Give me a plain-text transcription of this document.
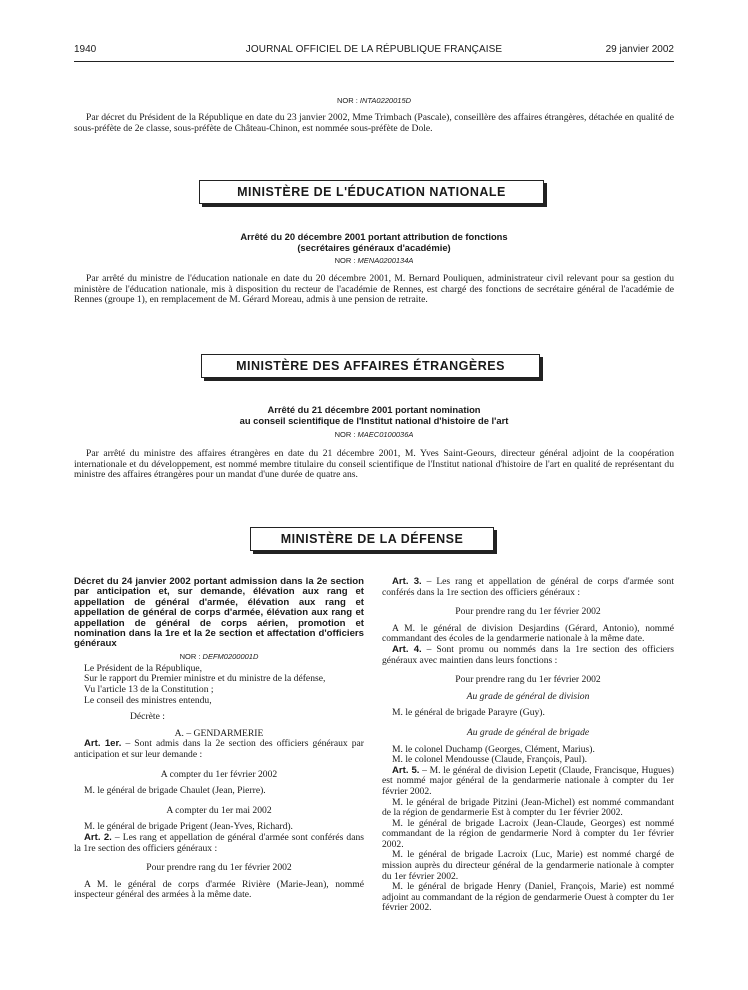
1940	JOURNAL OFFICIEL DE LA RÉPUBLIQUE FRANÇAISE	29 janvier 2002
NOR : INTA0220015D
Par décret du Président de la République en date du 23 janvier 2002, Mme Trimbach (Pascale), conseillère des affaires étrangères, détachée en qualité de sous-préfète de 2e classe, sous-préfète de Château-Chinon, est nommée sous-préfète de Dole.
MINISTÈRE DE L'ÉDUCATION NATIONALE
Arrêté du 20 décembre 2001 portant attribution de fonctions
(secrétaires généraux d'académie)
NOR : MENA0200134A
Par arrêté du ministre de l'éducation nationale en date du 20 décembre 2001, M. Bernard Pouliquen, administrateur civil relevant pour sa gestion du ministère de l'éducation nationale, mis à disposition du recteur de l'académie de Rennes, est chargé des fonctions de secrétaire général de l'académie de Rennes (groupe 1), en remplacement de M. Gérard Moreau, admis à une pension de retraite.
MINISTÈRE DES AFFAIRES ÉTRANGÈRES
Arrêté du 21 décembre 2001 portant nomination
au conseil scientifique de l'Institut national d'histoire de l'art
NOR : MAEC0100036A
Par arrêté du ministre des affaires étrangères en date du 21 décembre 2001, M. Yves Saint-Geours, directeur général adjoint de la coopération internationale et du développement, est nommé membre titulaire du conseil scientifique de l'Institut national d'histoire de l'art en qualité de représentant du ministre des affaires étrangères pour un mandat d'une durée de quatre ans.
MINISTÈRE DE LA DÉFENSE
Décret du 24 janvier 2002 portant admission dans la 2e section par anticipation et, sur demande, élévation aux rang et appellation de général d'armée, élévation aux rang et appellation de général de corps d'armée, élévation aux rang et appellation de général de corps aérien, promotion et nomination dans la 1re et la 2e section et affectation d'officiers généraux
NOR : DEFM0200001D
Le Président de la République,
Sur le rapport du Premier ministre et du ministre de la défense,
Vu l'article 13 de la Constitution ;
Le conseil des ministres entendu,
Décrète :
A. – GENDARMERIE
Art. 1er. – Sont admis dans la 2e section des officiers généraux par anticipation et sur leur demande :
A compter du 1er février 2002
M. le général de brigade Chaulet (Jean, Pierre).
A compter du 1er mai 2002
M. le général de brigade Prigent (Jean-Yves, Richard).
Art. 2. – Les rang et appellation de général d'armée sont conférés dans la 1re section des officiers généraux :
Pour prendre rang du 1er février 2002
A M. le général de corps d'armée Rivière (Marie-Jean), nommé inspecteur général des armées à la même date.
Art. 3. – Les rang et appellation de général de corps d'armée sont conférés dans la 1re section des officiers généraux :
Pour prendre rang du 1er février 2002
A M. le général de division Desjardins (Gérard, Antonio), nommé commandant des écoles de la gendarmerie nationale à la même date.
Art. 4. – Sont promu ou nommés dans la 1re section des officiers généraux avec maintien dans leurs fonctions :
Pour prendre rang du 1er février 2002
Au grade de général de division
M. le général de brigade Parayre (Guy).
Au grade de général de brigade
M. le colonel Duchamp (Georges, Clément, Marius).
M. le colonel Mendousse (Claude, François, Paul).
Art. 5. – M. le général de division Lepetit (Claude, Francisque, Hugues) est nommé major général de la gendarmerie nationale à compter du 1er février 2002.
M. le général de brigade Pitzini (Jean-Michel) est nommé commandant de la région de gendarmerie Est à compter du 1er février 2002.
M. le général de brigade Lacroix (Jean-Claude, Georges) est nommé commandant de la région de gendarmerie Nord à compter du 1er février 2002.
M. le général de brigade Lacroix (Luc, Marie) est nommé chargé de mission auprès du directeur général de la gendarmerie nationale à compter du 1er février 2002.
M. le général de brigade Henry (Daniel, François, Marie) est nommé adjoint au commandant de la région de gendarmerie Ouest à compter du 1er février 2002.
